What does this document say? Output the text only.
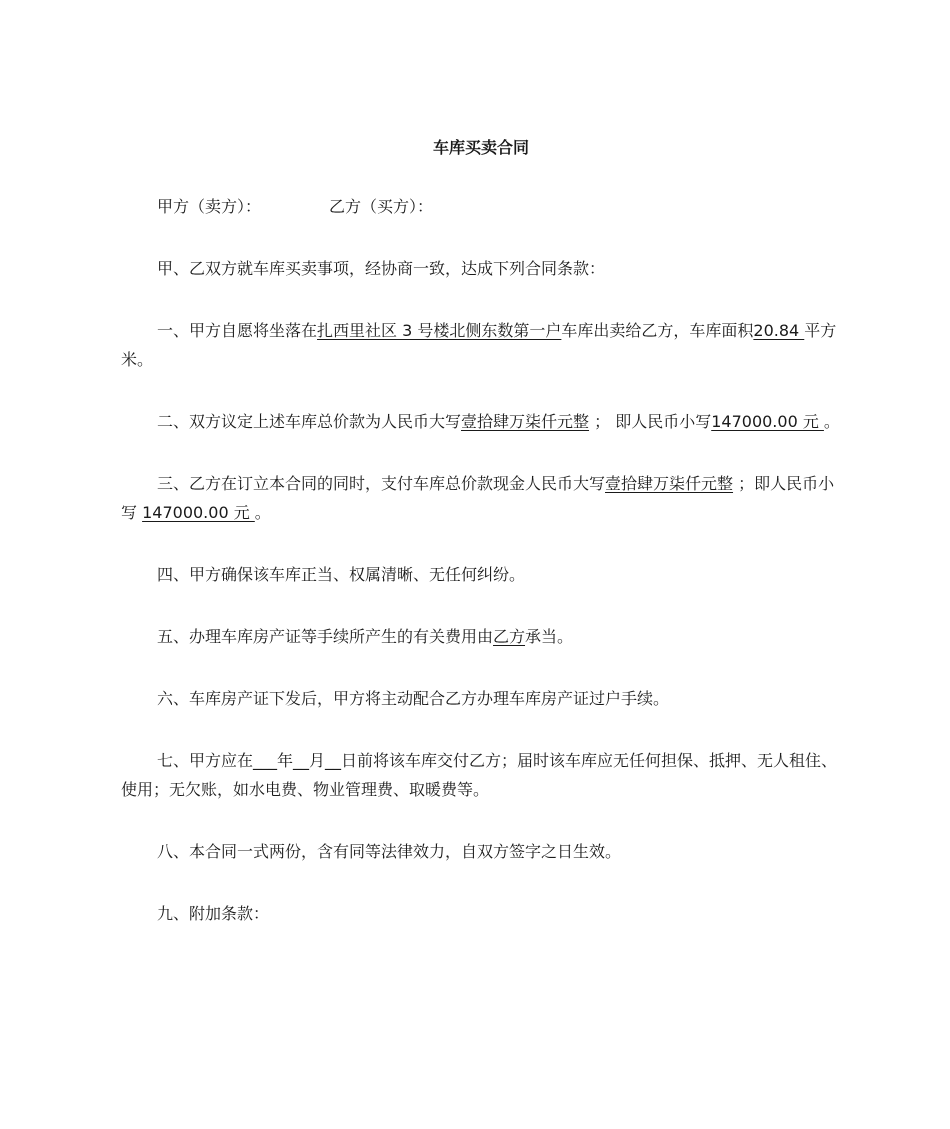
车库买卖合同

甲方（卖方）：	乙方（买方）：

甲、乙双方就车库买卖事项，经协商一致，达成下列合同条款：

一、甲方自愿将坐落在扎西里社区 3 号楼北侧东数第一户车库出卖给乙方，车库面积20.84 平方米。

二、双方议定上述车库总价款为人民币大写壹拾肆万柒仟元整 ； 即人民币小写147000.00 元 。

三、乙方在订立本合同的同时，支付车库总价款现金人民币大写壹拾肆万柒仟元整 ；即人民币小写 147000.00 元 。

四、甲方确保该车库正当、权属清晰、无任何纠纷。

五、办理车库房产证等手续所产生的有关费用由乙方承当。

六、车库房产证下发后，甲方将主动配合乙方办理车库房产证过户手续。

七、甲方应在___年__月__日前将该车库交付乙方；届时该车库应无任何担保、抵押、无人租住、使用；无欠账，如水电费、物业管理费、取暖费等。

八、本合同一式两份，含有同等法律效力，自双方签字之日生效。

九、附加条款：
